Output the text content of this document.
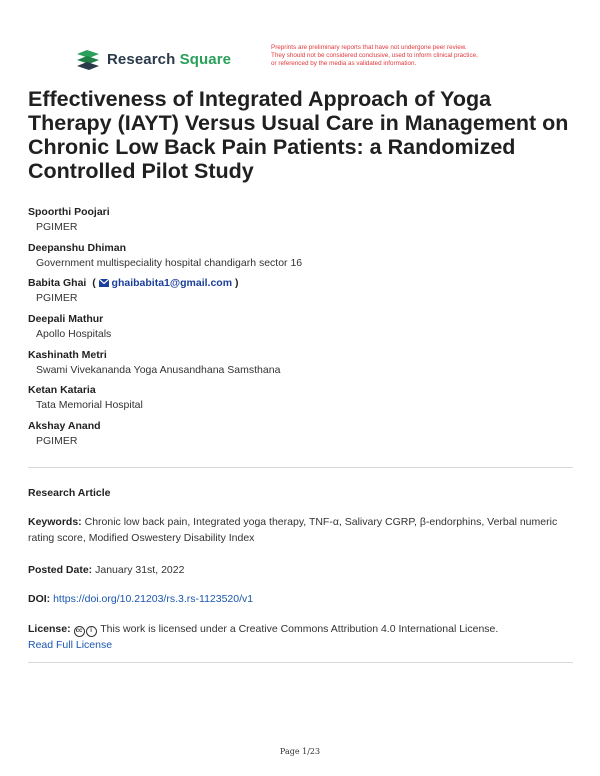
Research Square
Preprints are preliminary reports that have not undergone peer review.
They should not be considered conclusive, used to inform clinical practice,
or referenced by the media as validated information.
Effectiveness of Integrated Approach of Yoga Therapy (IAYT) Versus Usual Care in Management on Chronic Low Back Pain Patients: a Randomized Controlled Pilot Study
Spoorthi Poojari
PGIMER
Deepanshu Dhiman
Government multispeciality hospital chandigarh sector 16
Babita Ghai  (  ghaibabita1@gmail.com )
PGIMER
Deepali Mathur
Apollo Hospitals
Kashinath Metri
Swami Vivekananda Yoga Anusandhana Samsthana
Ketan Kataria
Tata Memorial Hospital
Akshay Anand
PGIMER
Research Article
Keywords: Chronic low back pain, Integrated yoga therapy, TNF-α, Salivary CGRP, β-endorphins, Verbal numeric rating score, Modified Oswestery Disability Index
Posted Date: January 31st, 2022
DOI: https://doi.org/10.21203/rs.3.rs-1123520/v1
License: cc i This work is licensed under a Creative Commons Attribution 4.0 International License.
Read Full License
Page 1/23
